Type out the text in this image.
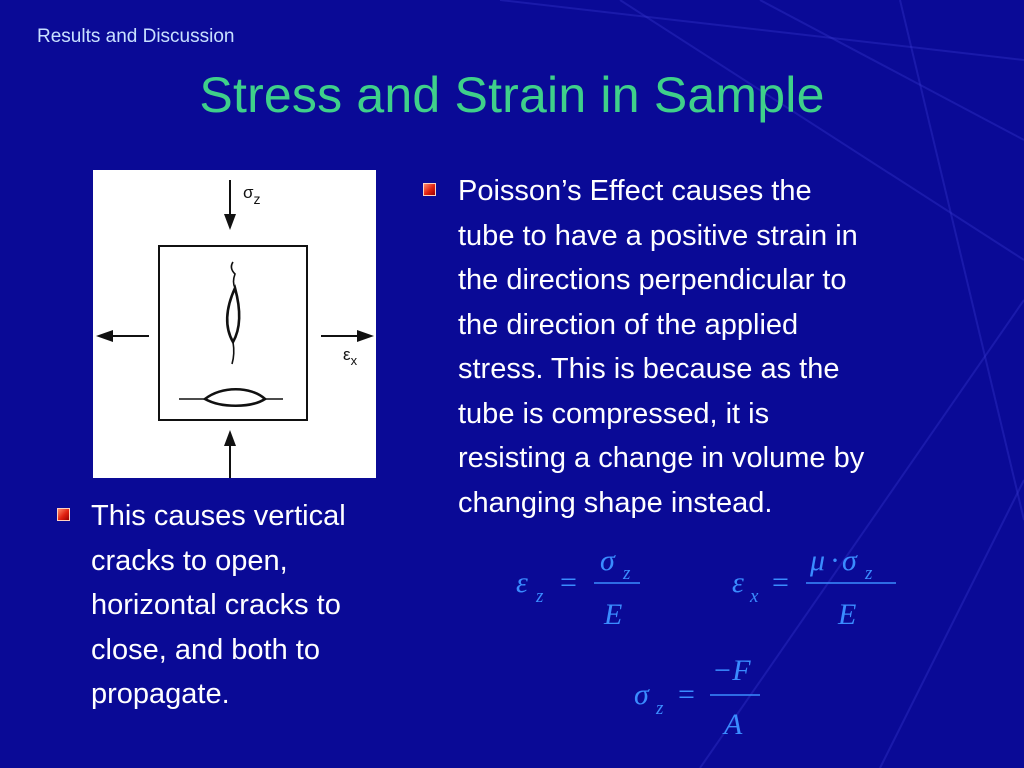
Results and Discussion
Stress and Strain in Sample
$\sigma_z$
$\varepsilon_x$
Poisson’s Effect causes the
tube to have a positive strain in
the directions perpendicular to
the direction of the applied
stress. This is because as the
tube is compressed, it is
resisting a change in volume by
changing shape instead.
This causes vertical
cracks to open,
horizontal cracks to
close, and both to
propagate.
ε z =
σ z
E
ε x =
μ · σ z
E
σ z =
−F
A
